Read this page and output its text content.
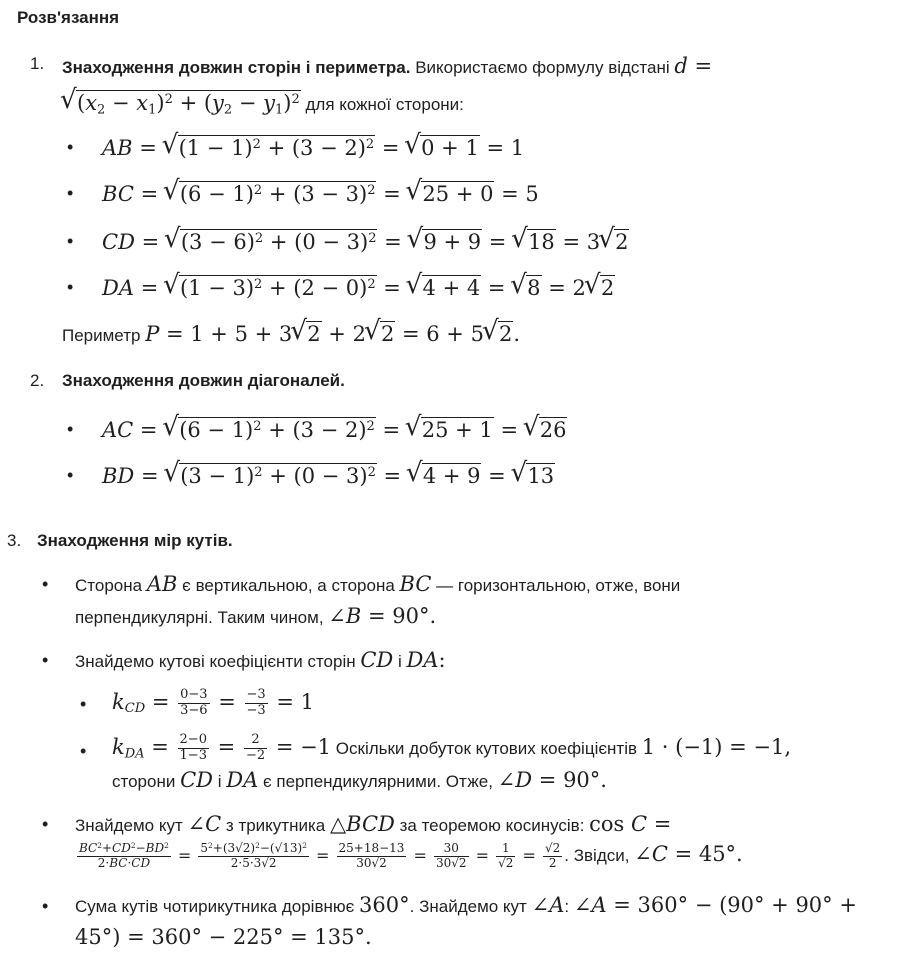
Розв'язання
1. Знаходження довжин сторін і периметра. Використаємо формулу відстані d =
√ $(x_2 - x_1)^2 + (y_2 - y_1)^2$ для кожної сторони:
• AB = √ $(1 - 1)^2 + (3 - 2)^2$ = √ 0 + 1 = 1
• BC = √ $(6 - 1)^2 + (3 - 3)^2$ = √ 25 + 0 = 5
• CD = √ $(3 - 6)^2 + (0 - 3)^2$ = √ 9 + 9 = √ 18 = 3 √ 2
• DA = √ $(1 - 3)^2 + (2 - 0)^2$ = √ 4 + 4 = √ 8 = 2 √ 2
Периметр P = 1 + 5 + 3 √ 2 + 2 √ 2 = 6 + 5 √ 2.
2. Знаходження довжин діагоналей.
• AC = √ $(6 - 1)^2 + (3 - 2)^2$ = √ 25 + 1 = √ 26
• BD = √ $(3 - 1)^2 + (0 - 3)^2$ = √ 4 + 9 = √ 13
3. Знаходження мір кутів.
• Сторона AB є вертикальною, а сторона BC — горизонтальною, отже, вони
перпендикулярні. Таким чином, ∠B = 90°.
• Знайдемо кутові коефіцієнти сторін CD і DA:
• $k_{CD} = \frac{0-3}{3-6} = \frac{-3}{-3} = 1$
• $k_{DA} = \frac{2-0}{1-3} = \frac{2}{-2} = -1$ Оскільки добуток кутових коефіцієнтів 1 · (−1) = −1,
сторони CD і DA є перпендикулярними. Отже, ∠D = 90°.
• Знайдемо кут ∠C з трикутника △BCD за теоремою косинусів: cos C =
$\frac{BC^2+CD^2-BD^2}{2\cdot BC\cdot CD} = \frac{5^2+(3√2)^2-(√13)^2}{2\cdot 5\cdot 3√2} = \frac{25+18-13}{30√2} = \frac{30}{30√2} = \frac{1}{√2} = \frac{√2}{2}$ . Звідси, ∠C = 45°.
• Сума кутів чотирикутника дорівнює 360°. Знайдемо кут ∠A: ∠A = 360° − (90° + 90° +
45°) = 360° − 225° = 135°.
